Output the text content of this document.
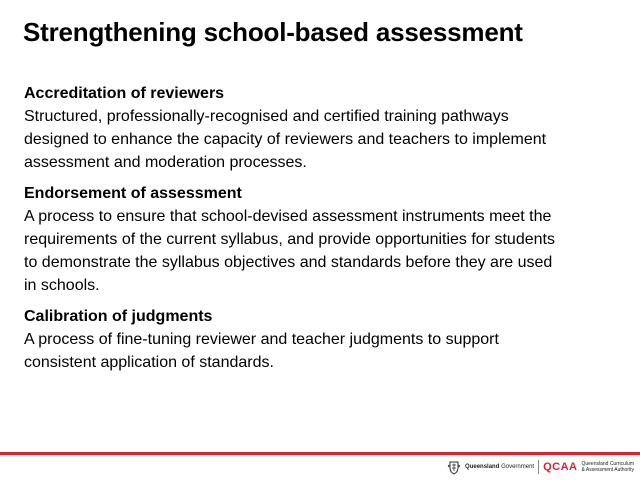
Strengthening school-based assessment
Accreditation of reviewers
Structured, professionally-recognised and certified training pathways
designed to enhance the capacity of reviewers and teachers to implement
assessment and moderation processes.
Endorsement of assessment
A process to ensure that school-devised assessment instruments meet the
requirements of the current syllabus, and provide opportunities for students
to demonstrate the syllabus objectives and standards before they are used
in schools.
Calibration of judgments
A process of fine-tuning reviewer and teacher judgments to support
consistent application of standards.
Queensland Government QCAA Queensland Curriculum
& Assessment Authority
